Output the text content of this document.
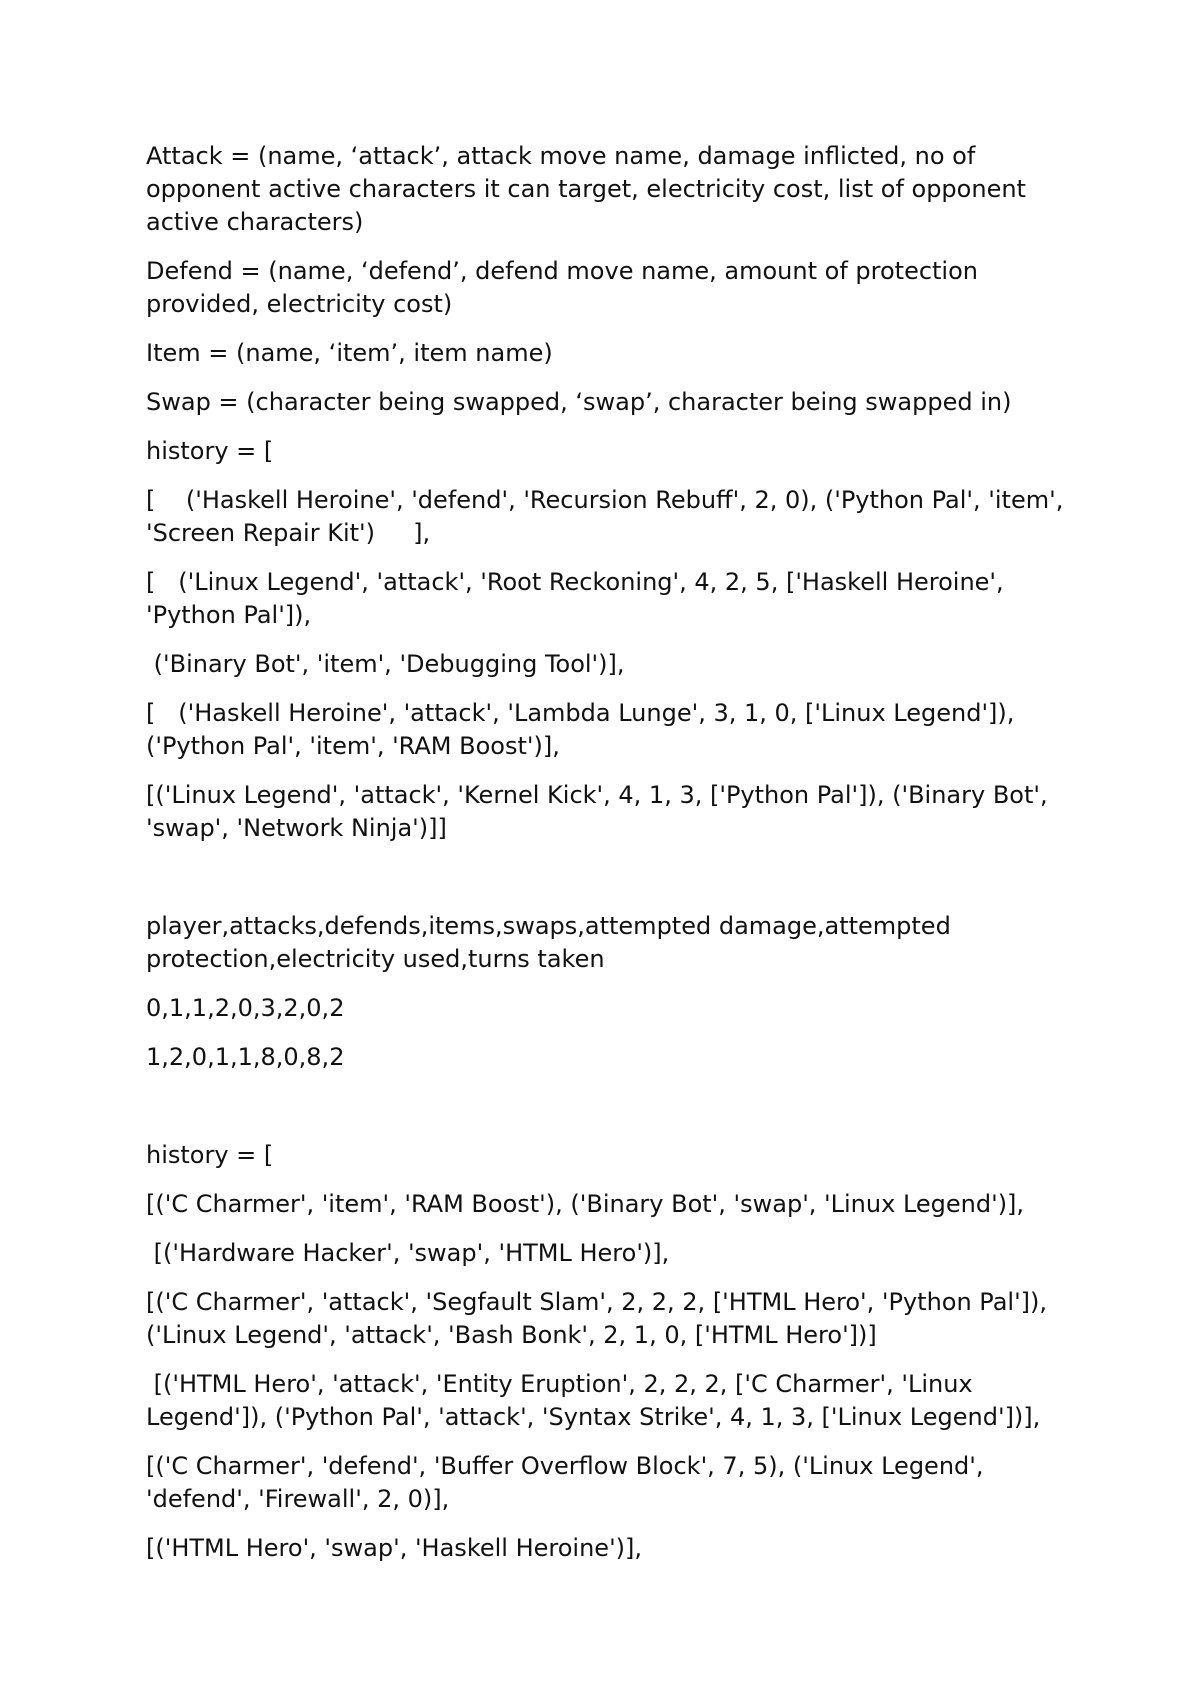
Attack = (name, ‘attack’, attack move name, damage inflicted, no of opponent active characters it can target, electricity cost, list of opponent active characters)

Defend = (name, ‘defend’, defend move name, amount of protection provided, electricity cost)

Item = (name, ‘item’, item name)

Swap = (character being swapped, ‘swap’, character being swapped in)

history = [

[    ('Haskell Heroine', 'defend', 'Recursion Rebuff', 2, 0), ('Python Pal', 'item', 'Screen Repair Kit')     ],

[   ('Linux Legend', 'attack', 'Root Reckoning', 4, 2, 5, ['Haskell Heroine', 'Python Pal']),

('Binary Bot', 'item', 'Debugging Tool')],

[   ('Haskell Heroine', 'attack', 'Lambda Lunge', 3, 1, 0, ['Linux Legend']), ('Python Pal', 'item', 'RAM Boost')],

[('Linux Legend', 'attack', 'Kernel Kick', 4, 1, 3, ['Python Pal']), ('Binary Bot', 'swap', 'Network Ninja')]]

player,attacks,defends,items,swaps,attempted damage,attempted protection,electricity used,turns taken

0,1,1,2,0,3,2,0,2

1,2,0,1,1,8,0,8,2

history = [

[('C Charmer', 'item', 'RAM Boost'), ('Binary Bot', 'swap', 'Linux Legend')],

[('Hardware Hacker', 'swap', 'HTML Hero')],

[('C Charmer', 'attack', 'Segfault Slam', 2, 2, 2, ['HTML Hero', 'Python Pal']), ('Linux Legend', 'attack', 'Bash Bonk', 2, 1, 0, ['HTML Hero'])]

[('HTML Hero', 'attack', 'Entity Eruption', 2, 2, 2, ['C Charmer', 'Linux Legend']), ('Python Pal', 'attack', 'Syntax Strike', 4, 1, 3, ['Linux Legend'])],

[('C Charmer', 'defend', 'Buffer Overflow Block', 7, 5), ('Linux Legend', 'defend', 'Firewall', 2, 0)],

[('HTML Hero', 'swap', 'Haskell Heroine')],
